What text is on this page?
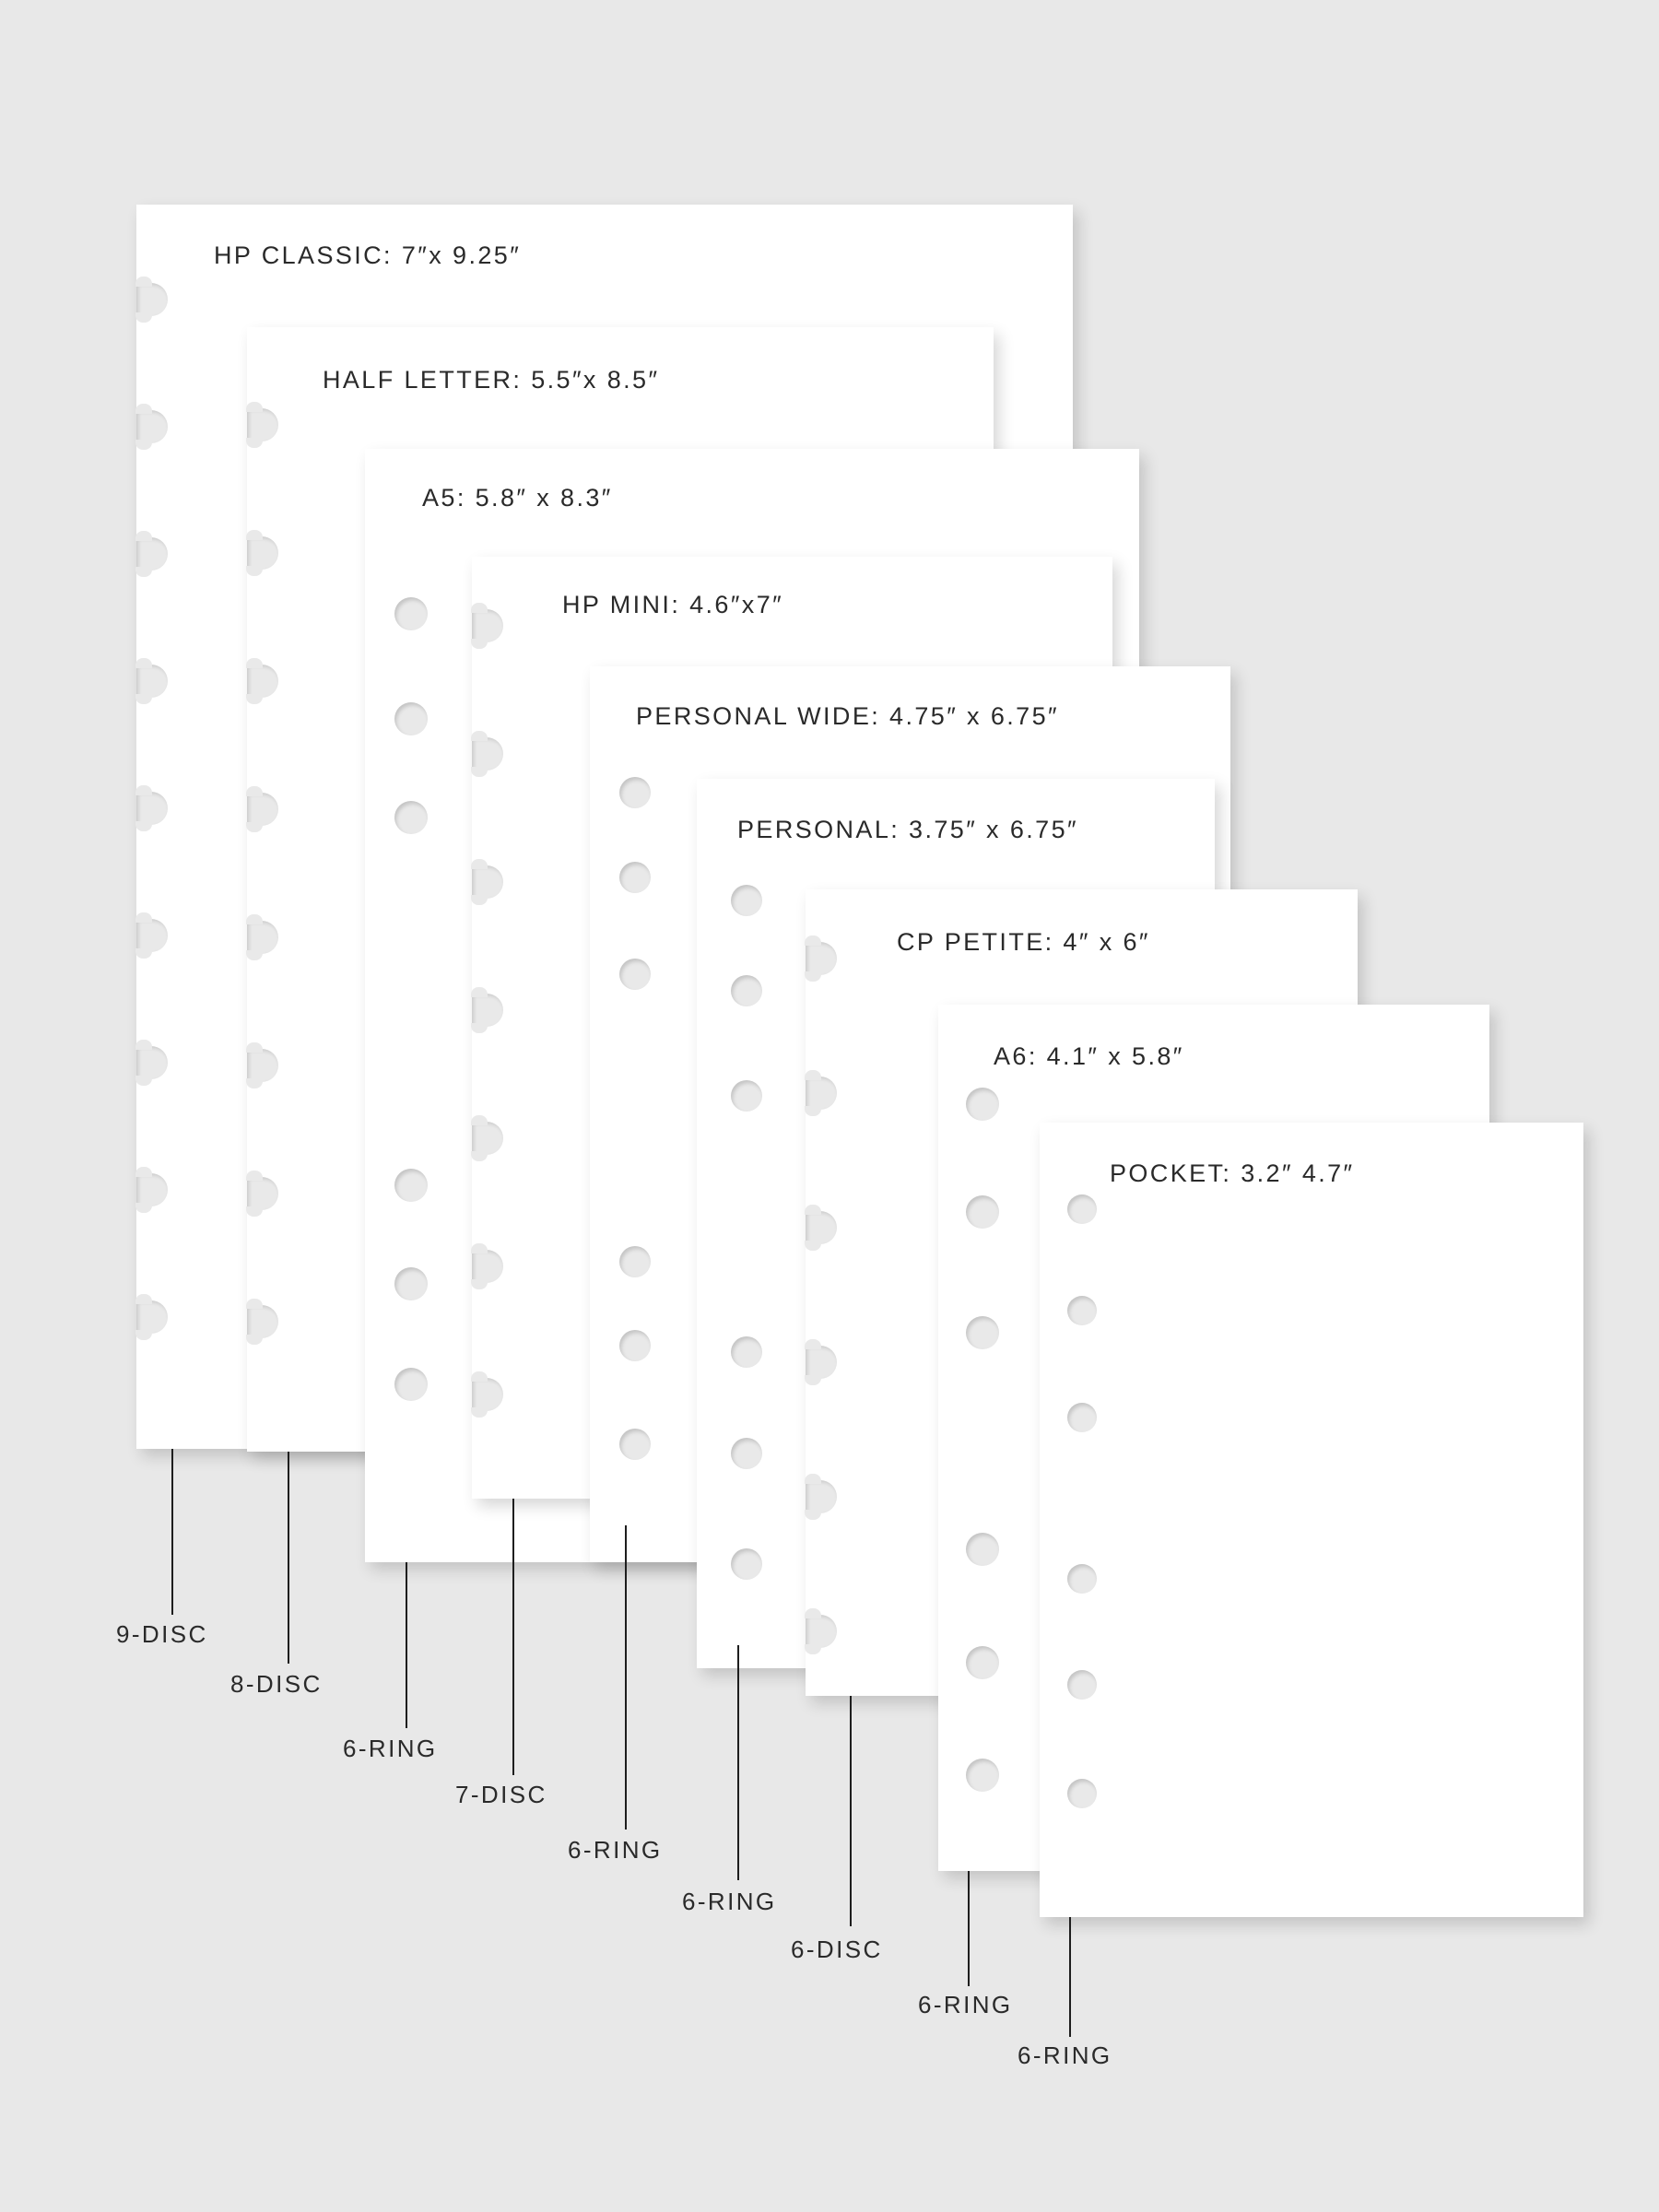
HP CLASSIC: 7″x 9.25″
HALF LETTER: 5.5″x 8.5″
A5: 5.8″ x 8.3″
HP MINI: 4.6″x7″
PERSONAL WIDE: 4.75″ x 6.75″
PERSONAL: 3.75″ x 6.75″
CP PETITE: 4″ x 6″
A6: 4.1″ x 5.8″
POCKET: 3.2″ 4.7″
9-DISC
8-DISC
6-RING
7-DISC
6-RING
6-RING
6-DISC
6-RING
6-RING
